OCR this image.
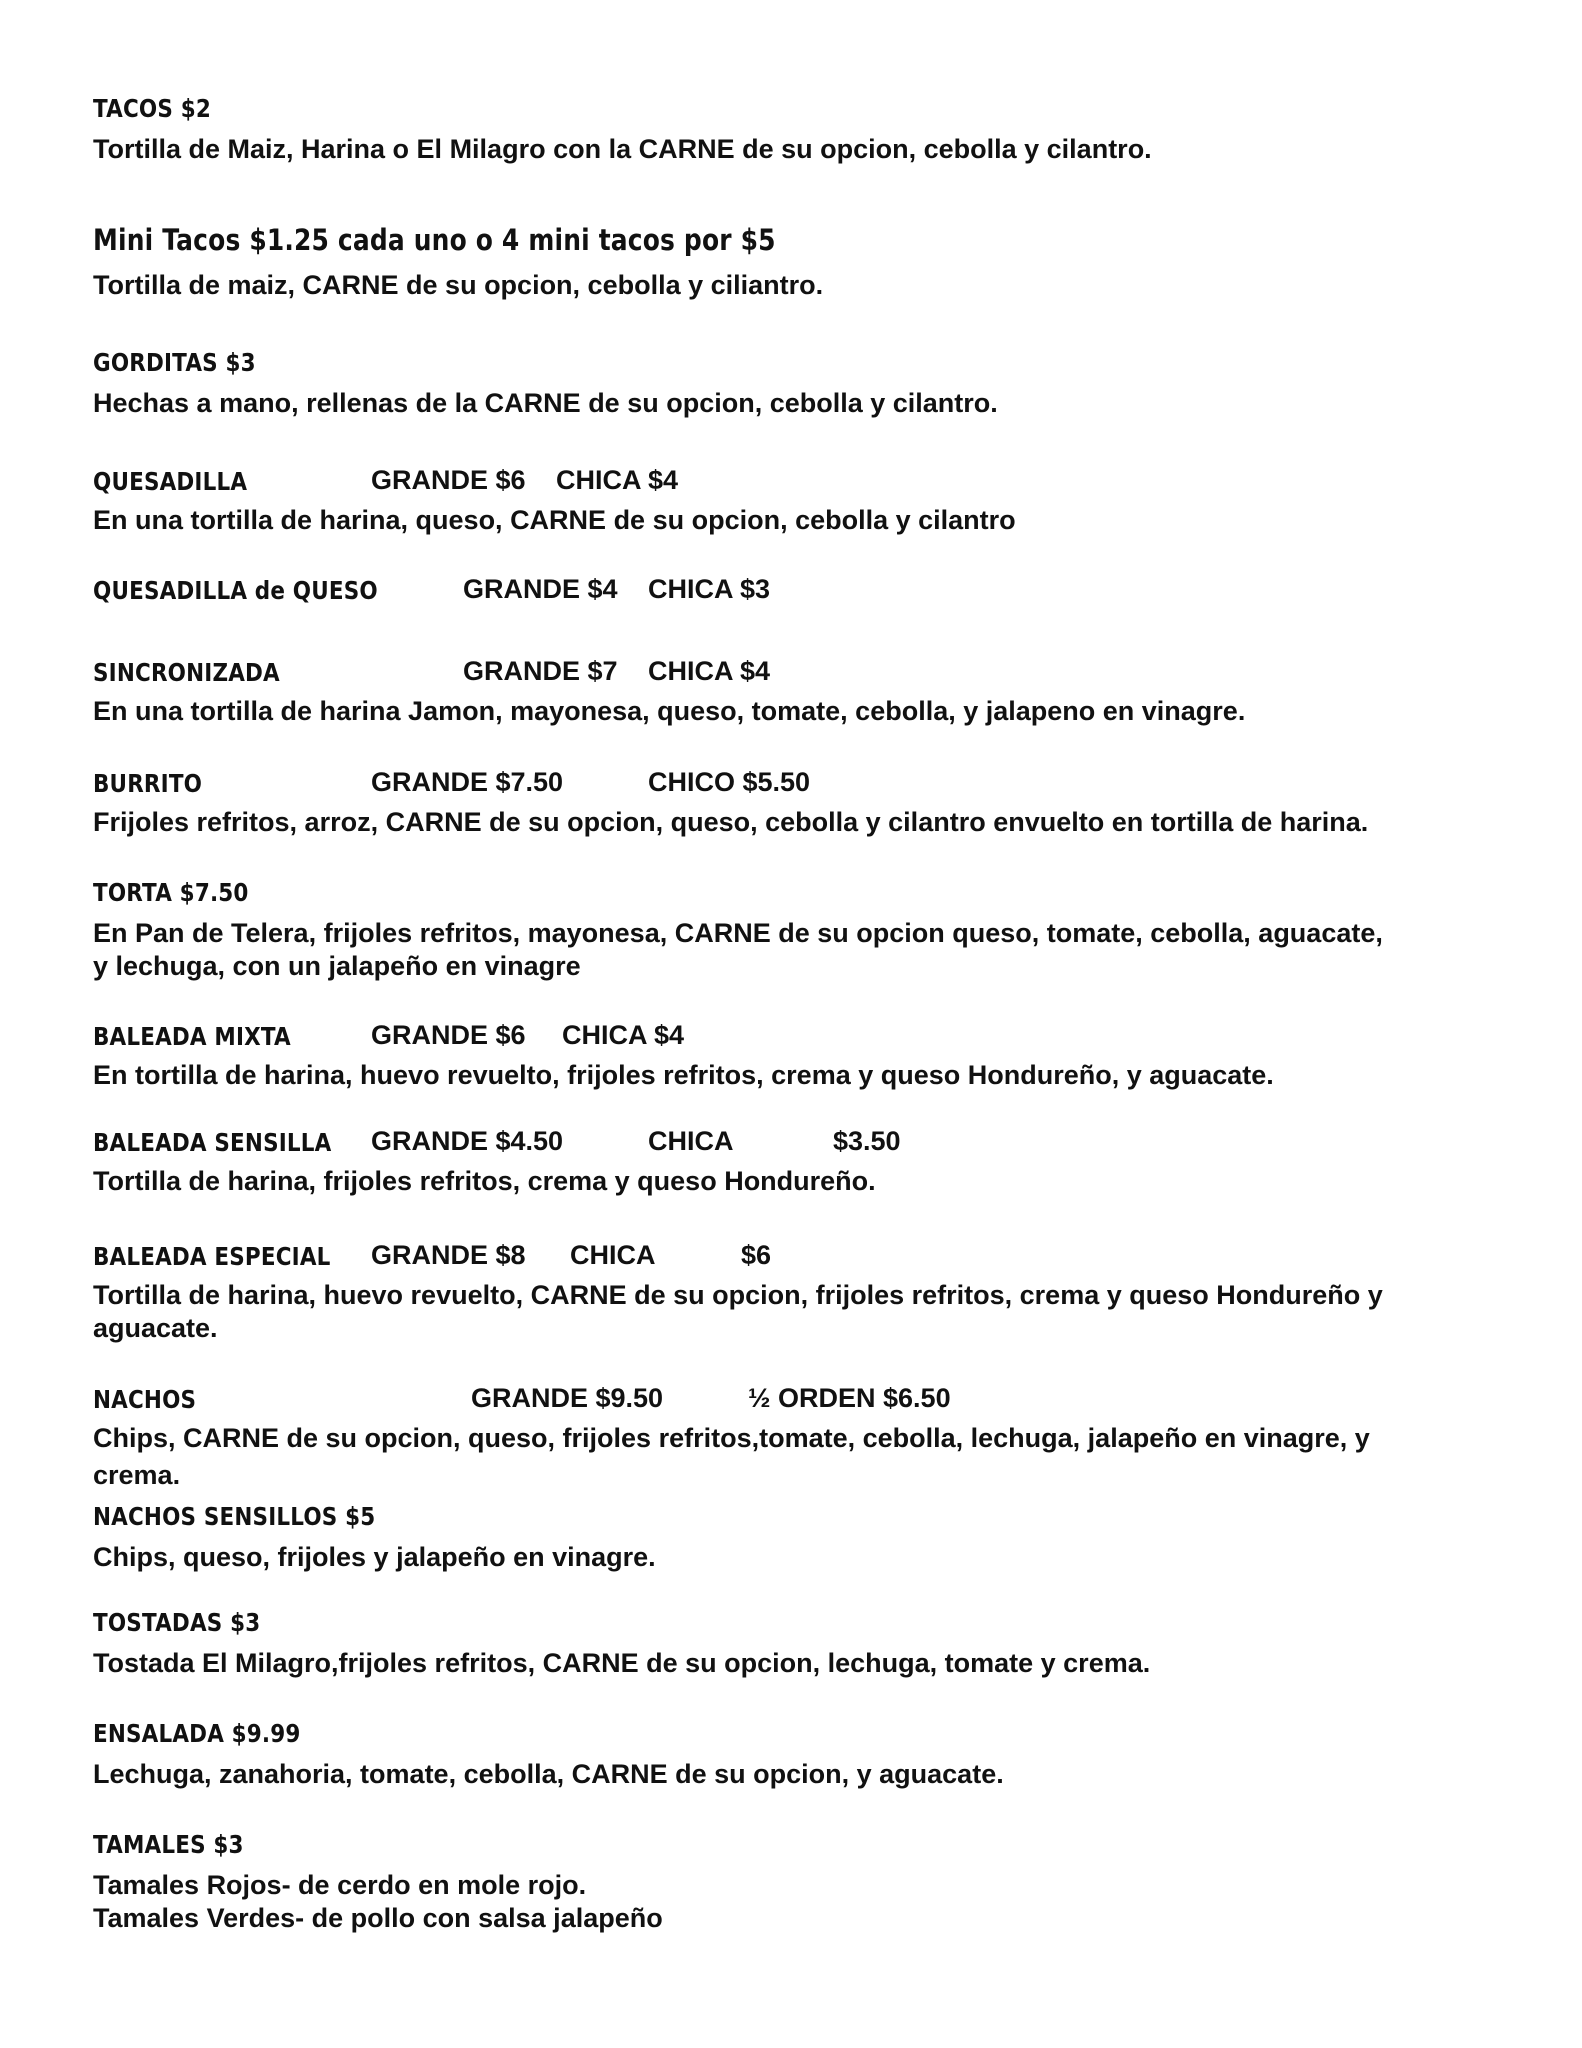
TACOS $2
Tortilla de Maiz, Harina o El Milagro con la CARNE de su opcion, cebolla y cilantro.
Mini Tacos $1.25 cada uno o 4 mini tacos por $5
Tortilla de maiz, CARNE de su opcion, cebolla y ciliantro.
GORDITAS $3
Hechas a mano, rellenas de la CARNE de su opcion, cebolla y cilantro.
QUESADILLA	GRANDE $6 CHICA $4
En una tortilla de harina, queso, CARNE de su opcion, cebolla y cilantro
QUESADILLA de QUESO	GRANDE $4 CHICA $3
SINCRONIZADA	GRANDE $7 CHICA $4
En una tortilla de harina Jamon, mayonesa, queso, tomate, cebolla, y jalapeno en vinagre.
BURRITO	GRANDE $7.50	CHICO $5.50
Frijoles refritos, arroz, CARNE de su opcion, queso, cebolla y cilantro envuelto en tortilla de harina.
TORTA $7.50
En Pan de Telera, frijoles refritos, mayonesa, CARNE de su opcion queso, tomate, cebolla, aguacate,
y lechuga, con un jalapeño en vinagre
BALEADA MIXTA	GRANDE $6 CHICA $4
En tortilla de harina, huevo revuelto, frijoles refritos, crema y queso Hondureño, y aguacate.
BALEADA SENSILLA GRANDE $4.50	CHICA	$3.50
Tortilla de harina, frijoles refritos, crema y queso Hondureño.
BALEADA ESPECIAL GRANDE $8 CHICA	$6
Tortilla de harina, huevo revuelto, CARNE de su opcion, frijoles refritos, crema y queso Hondureño y
aguacate.
NACHOS	GRANDE $9.50	½ ORDEN $6.50
Chips, CARNE de su opcion, queso, frijoles refritos,tomate, cebolla, lechuga, jalapeño en vinagre, y
crema.
NACHOS SENSILLOS $5
Chips, queso, frijoles y jalapeño en vinagre.
TOSTADAS $3
Tostada El Milagro,frijoles refritos, CARNE de su opcion, lechuga, tomate y crema.
ENSALADA $9.99
Lechuga, zanahoria, tomate, cebolla, CARNE de su opcion, y aguacate.
TAMALES $3
Tamales Rojos- de cerdo en mole rojo.
Tamales Verdes- de pollo con salsa jalapeño
